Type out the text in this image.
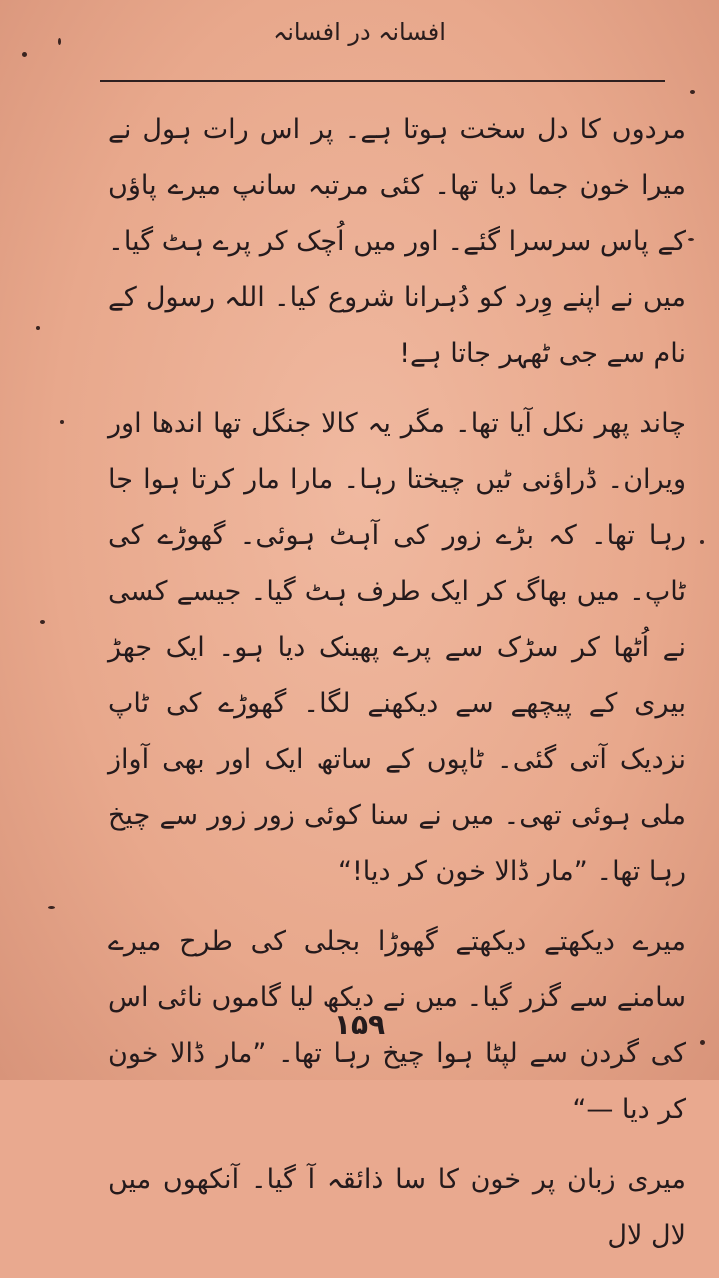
افسانہ در افسانہ

مردوں کا دل سخت ہوتا ہے۔ پر اس رات ہول نے میرا خون جما دیا تھا۔ کئی مرتبہ سانپ میرے پاؤں کے پاس سرسرا گئے۔ اور میں اُچک کر پرے ہٹ گیا۔ میں نے اپنے وِرد کو دُہرانا شروع کیا۔ اللہ رسول کے نام سے جی ٹھہر جاتا ہے!

چاند پھر نکل آیا تھا۔ مگر یہ کالا جنگل تھا اندھا اور ویران۔ ڈراؤنی ٹیں چیختا رہا۔ مارا مار کرتا ہوا جا رہا تھا۔ کہ بڑے زور کی آہٹ ہوئی۔ گھوڑے کی ٹاپ۔ میں بھاگ کر ایک طرف ہٹ گیا۔ جیسے کسی نے اُٹھا کر سڑک سے پرے پھینک دیا ہو۔ ایک جھڑ بیری کے پیچھے سے دیکھنے لگا۔ گھوڑے کی ٹاپ نزدیک آتی گئی۔ ٹاپوں کے ساتھ ایک اور بھی آواز ملی ہوئی تھی۔ میں نے سنا کوئی زور زور سے چیخ رہا تھا۔ ”مار ڈالا خون کر دیا!“

میرے دیکھتے دیکھتے گھوڑا بجلی کی طرح میرے سامنے سے گزر گیا۔ میں نے دیکھ لیا گاموں نائی اس کی گردن سے لپٹا ہوا چیخ رہا تھا۔ ”مار ڈالا خون کر دیا —“

میری زبان پر خون کا سا ذائقہ آ گیا۔ آنکھوں میں لال لال

۱۵۹
